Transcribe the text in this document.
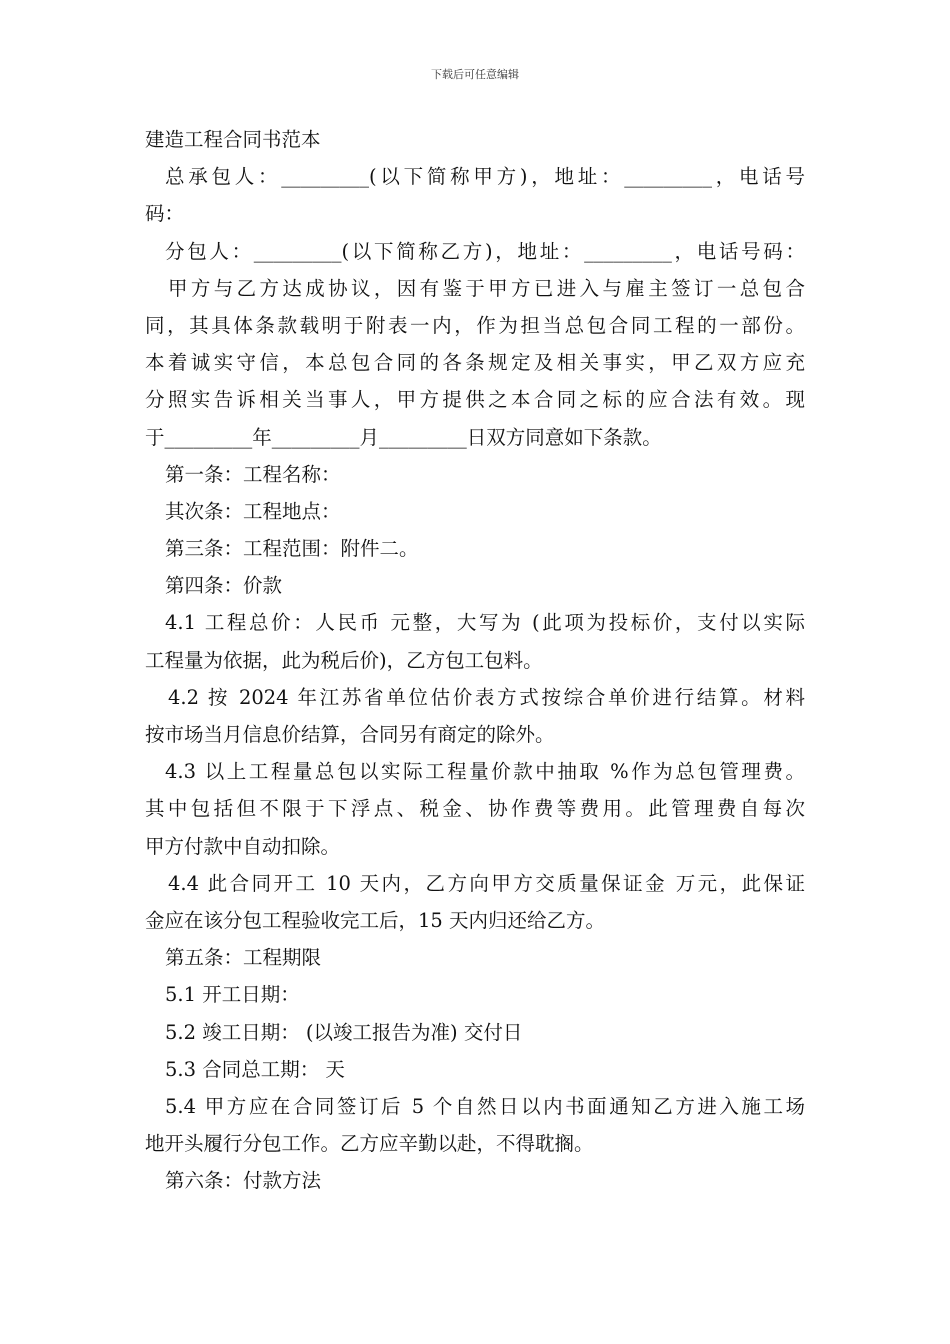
下载后可任意编辑
建造工程合同书范本
总承包人：_________(以下简称甲方)，地址：_________，电话号
码：
分包人：_________(以下简称乙方)，地址：_________，电话号码：
甲方与乙方达成协议，因有鉴于甲方已进入与雇主签订一总包合
同，其具体条款载明于附表一内，作为担当总包合同工程的一部份。
本着诚实守信，本总包合同的各条规定及相关事实，甲乙双方应充
分照实告诉相关当事人，甲方提供之本合同之标的应合法有效。现
于_________年_________月_________日双方同意如下条款。
第一条：工程名称：
其次条：工程地点：
第三条：工程范围：附件二。
第四条：价款
4.1 工程总价：人民币 元整，大写为 (此项为投标价，支付以实际
工程量为依据，此为税后价)，乙方包工包料。
4.2 按 2024 年江苏省单位估价表方式按综合单价进行结算。材料
按市场当月信息价结算，合同另有商定的除外。
4.3 以上工程量总包以实际工程量价款中抽取 %作为总包管理费。
其中包括但不限于下浮点、税金、协作费等费用。此管理费自每次
甲方付款中自动扣除。
4.4 此合同开工 10 天内，乙方向甲方交质量保证金 万元，此保证
金应在该分包工程验收完工后，15 天内归还给乙方。
第五条：工程期限
5.1 开工日期：
5.2 竣工日期： (以竣工报告为准) 交付日
5.3 合同总工期： 天
5.4 甲方应在合同签订后 5 个自然日以内书面通知乙方进入施工场
地开头履行分包工作。乙方应辛勤以赴，不得耽搁。
第六条：付款方法
